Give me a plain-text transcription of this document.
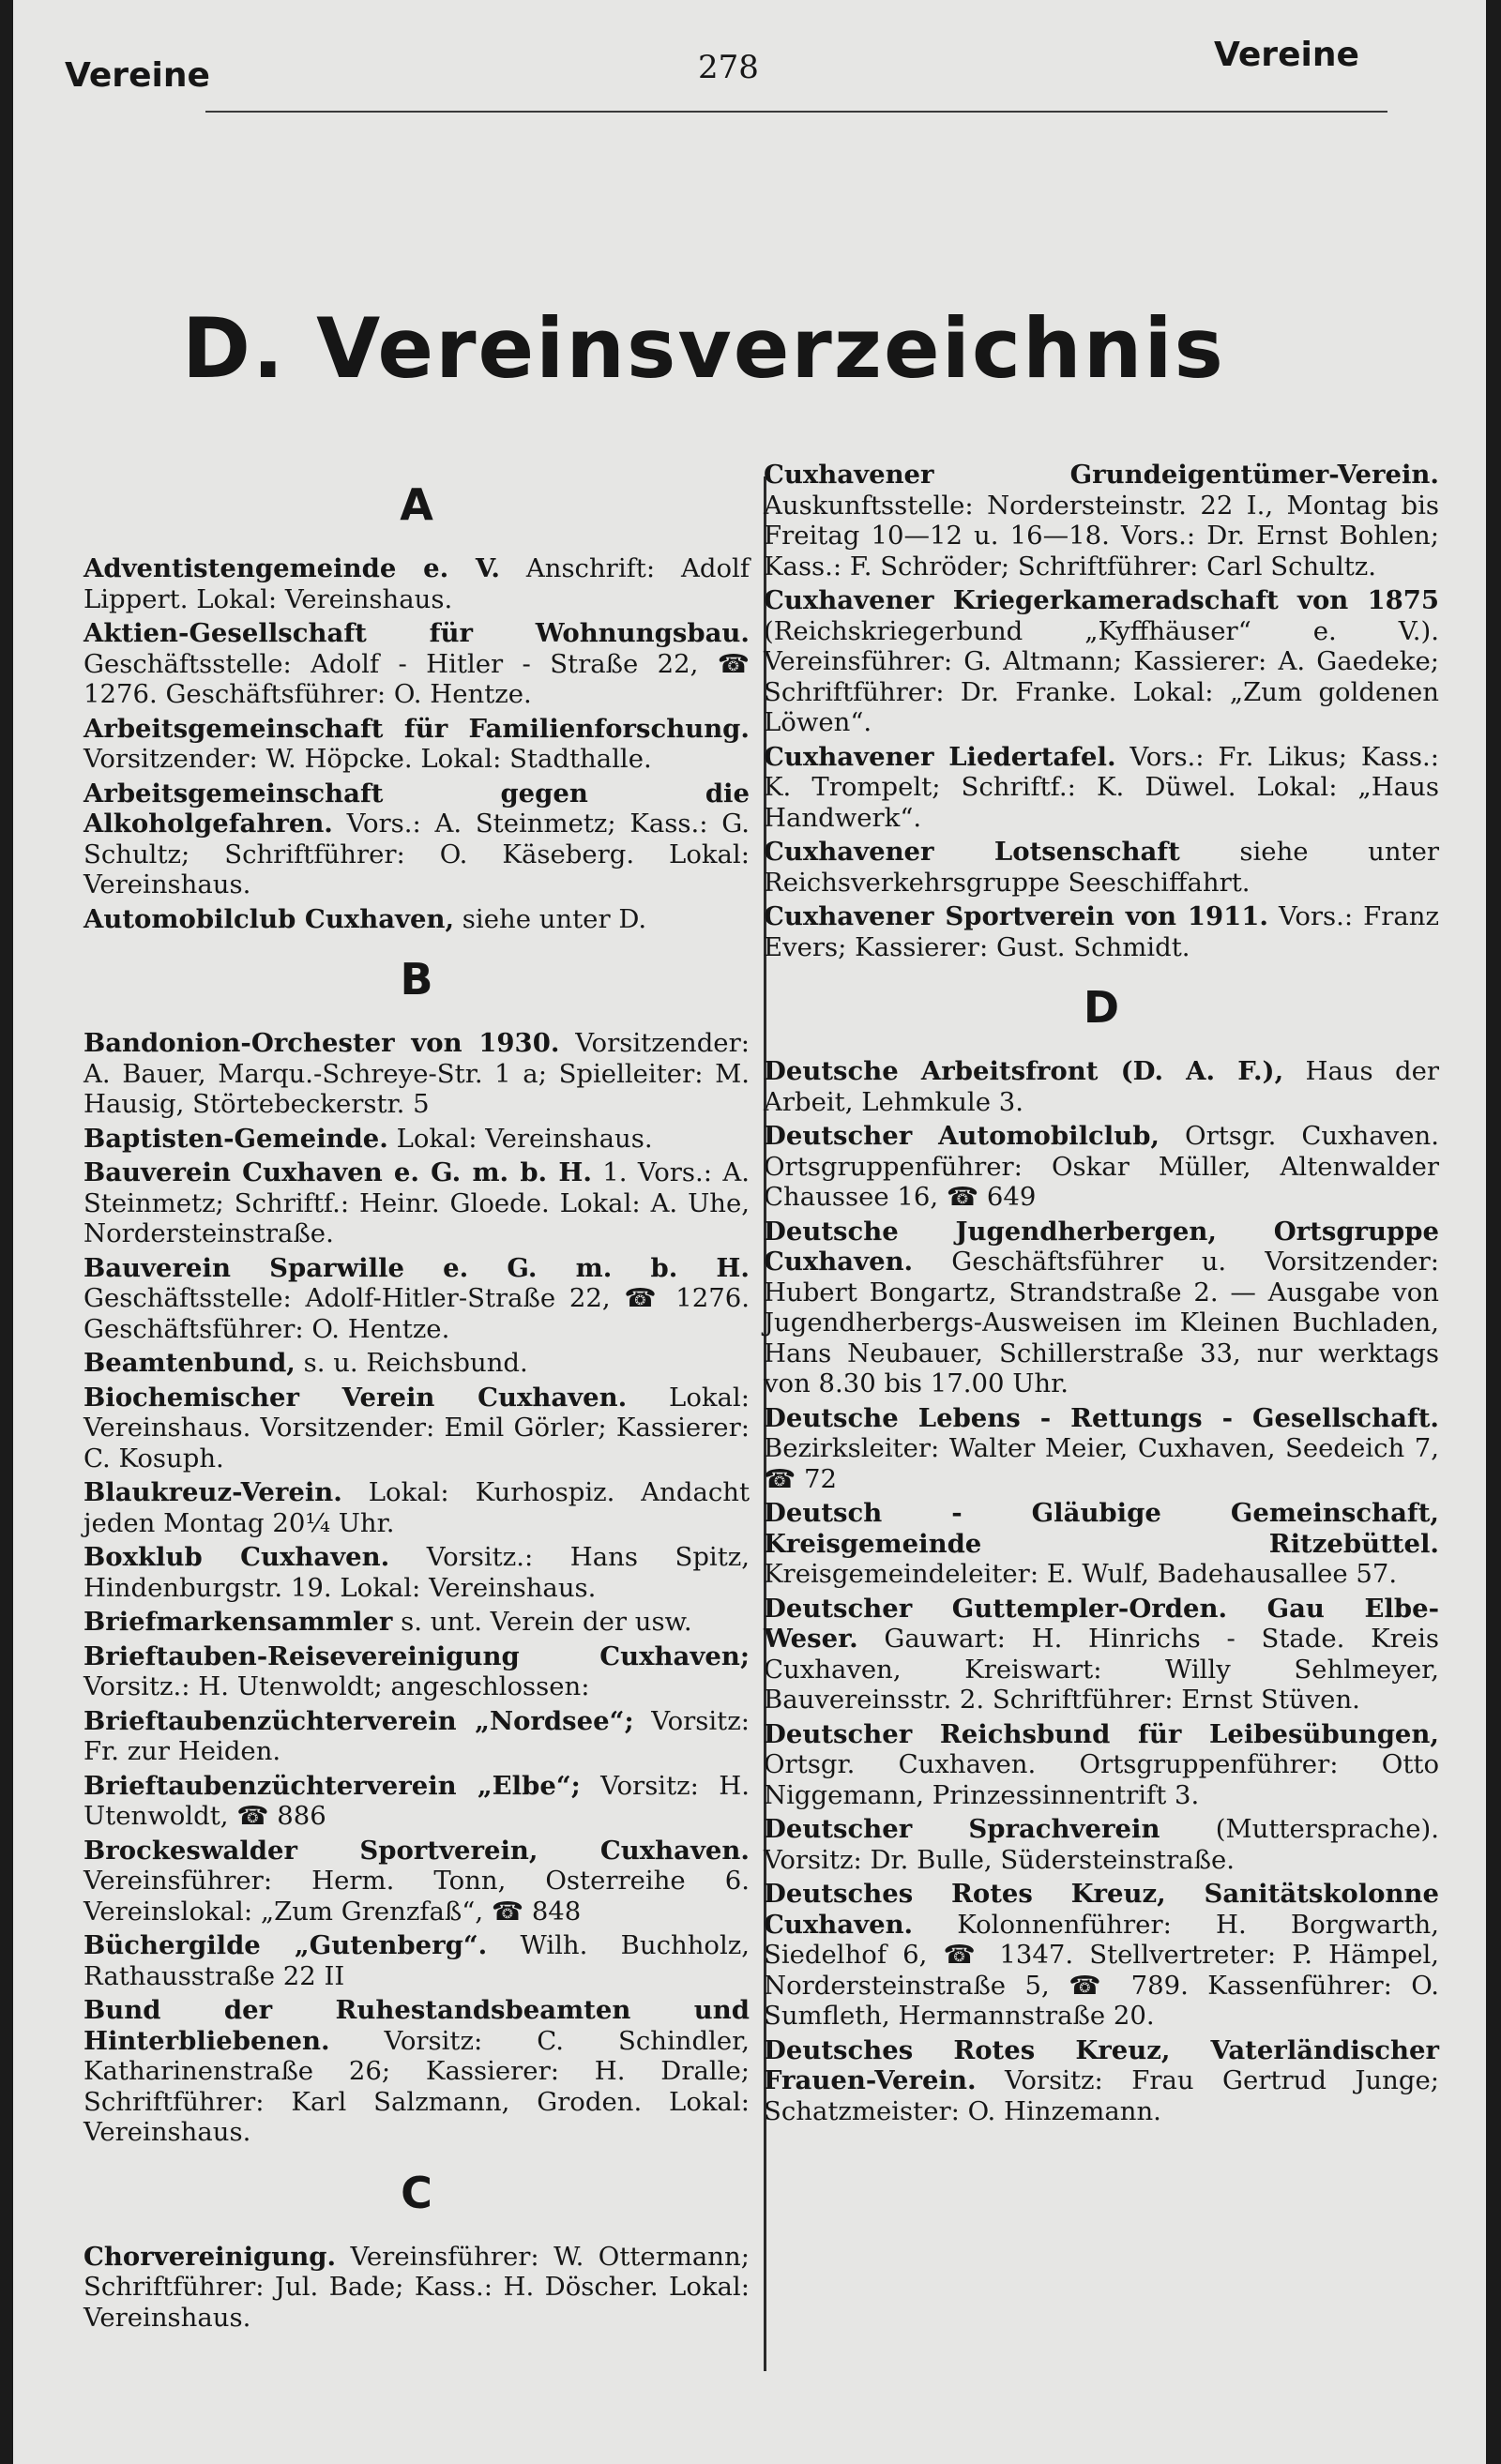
Vereine	278	Vereine
D. Vereinsverzeichnis
A
Adventistengemeinde e. V. Anschrift: Adolf Lippert. Lokal: Vereinshaus.
Aktien-Gesellschaft für Wohnungsbau. Geschäftsstelle: Adolf - Hitler - Straße 22, ☎ 1276. Geschäftsführer: O. Hentze.
Arbeitsgemeinschaft für Familienforschung. Vorsitzender: W. Höpcke. Lokal: Stadthalle.
Arbeitsgemeinschaft gegen die Alkoholgefahren. Vors.: A. Steinmetz; Kass.: G. Schultz; Schriftführer: O. Käseberg. Lokal: Vereinshaus.
Automobilclub Cuxhaven, siehe unter D.
B
Bandonion-Orchester von 1930. Vorsitzender: A. Bauer, Marqu.-Schreye-Str. 1 a; Spielleiter: M. Hausig, Störtebeckerstr. 5
Baptisten-Gemeinde. Lokal: Vereinshaus.
Bauverein Cuxhaven e. G. m. b. H. 1. Vors.: A. Steinmetz; Schriftf.: Heinr. Gloede. Lokal: A. Uhe, Nordersteinstraße.
Bauverein Sparwille e. G. m. b. H. Geschäftsstelle: Adolf-Hitler-Straße 22, ☎ 1276. Geschäftsführer: O. Hentze.
Beamtenbund, s. u. Reichsbund.
Biochemischer Verein Cuxhaven. Lokal: Vereinshaus. Vorsitzender: Emil Görler; Kassierer: C. Kosuph.
Blaukreuz-Verein. Lokal: Kurhospiz. Andacht jeden Montag 20¼ Uhr.
Boxklub Cuxhaven. Vorsitz.: Hans Spitz, Hindenburgstr. 19. Lokal: Vereinshaus.
Briefmarkensammler s. unt. Verein der usw.
Brieftauben-Reisevereinigung Cuxhaven; Vorsitz.: H. Utenwoldt; angeschlossen:
Brieftaubenzüchterverein „Nordsee“; Vorsitz: Fr. zur Heiden.
Brieftaubenzüchterverein „Elbe“; Vorsitz: H. Utenwoldt, ☎ 886
Brockeswalder Sportverein, Cuxhaven. Vereinsführer: Herm. Tonn, Osterreihe 6. Vereinslokal: „Zum Grenzfaß“, ☎ 848
Büchergilde „Gutenberg“. Wilh. Buchholz, Rathausstraße 22 II
Bund der Ruhestandsbeamten und Hinterbliebenen. Vorsitz: C. Schindler, Katharinenstraße 26; Kassierer: H. Dralle; Schriftführer: Karl Salzmann, Groden. Lokal: Vereinshaus.
C
Chorvereinigung. Vereinsführer: W. Ottermann; Schriftführer: Jul. Bade; Kass.: H. Döscher. Lokal: Vereinshaus.
Cuxhavener Grundeigentümer-Verein. Auskunftsstelle: Nordersteinstr. 22 I., Montag bis Freitag 10—12 u. 16—18. Vors.: Dr. Ernst Bohlen; Kass.: F. Schröder; Schriftführer: Carl Schultz.
Cuxhavener Kriegerkameradschaft von 1875 (Reichskriegerbund „Kyffhäuser“ e. V.). Vereinsführer: G. Altmann; Kassierer: A. Gaedeke; Schriftführer: Dr. Franke. Lokal: „Zum goldenen Löwen“.
Cuxhavener Liedertafel. Vors.: Fr. Likus; Kass.: K. Trompelt; Schriftf.: K. Düwel. Lokal: „Haus Handwerk“.
Cuxhavener Lotsenschaft siehe unter Reichsverkehrsgruppe Seeschiffahrt.
Cuxhavener Sportverein von 1911. Vors.: Franz Evers; Kassierer: Gust. Schmidt.
D
Deutsche Arbeitsfront (D. A. F.), Haus der Arbeit, Lehmkule 3.
Deutscher Automobilclub, Ortsgr. Cuxhaven. Ortsgruppenführer: Oskar Müller, Altenwalder Chaussee 16, ☎ 649
Deutsche Jugendherbergen, Ortsgruppe Cuxhaven. Geschäftsführer u. Vorsitzender: Hubert Bongartz, Strandstraße 2. — Ausgabe von Jugendherbergs-Ausweisen im Kleinen Buchladen, Hans Neubauer, Schillerstraße 33, nur werktags von 8.30 bis 17.00 Uhr.
Deutsche Lebens - Rettungs - Gesellschaft. Bezirksleiter: Walter Meier, Cuxhaven, Seedeich 7, ☎ 72
Deutsch - Gläubige Gemeinschaft, Kreisgemeinde Ritzebüttel. Kreisgemeindeleiter: E. Wulf, Badehausallee 57.
Deutscher Guttempler-Orden. Gau Elbe-Weser. Gauwart: H. Hinrichs - Stade. Kreis Cuxhaven, Kreiswart: Willy Sehlmeyer, Bauvereinsstr. 2. Schriftführer: Ernst Stüven.
Deutscher Reichsbund für Leibesübungen, Ortsgr. Cuxhaven. Ortsgruppenführer: Otto Niggemann, Prinzessinnentrift 3.
Deutscher Sprachverein (Muttersprache). Vorsitz: Dr. Bulle, Südersteinstraße.
Deutsches Rotes Kreuz, Sanitätskolonne Cuxhaven. Kolonnenführer: H. Borgwarth, Siedelhof 6, ☎ 1347. Stellvertreter: P. Hämpel, Nordersteinstraße 5, ☎ 789. Kassenführer: O. Sumfleth, Hermannstraße 20.
Deutsches Rotes Kreuz, Vaterländischer Frauen-Verein. Vorsitz: Frau Gertrud Junge; Schatzmeister: O. Hinzemann.
